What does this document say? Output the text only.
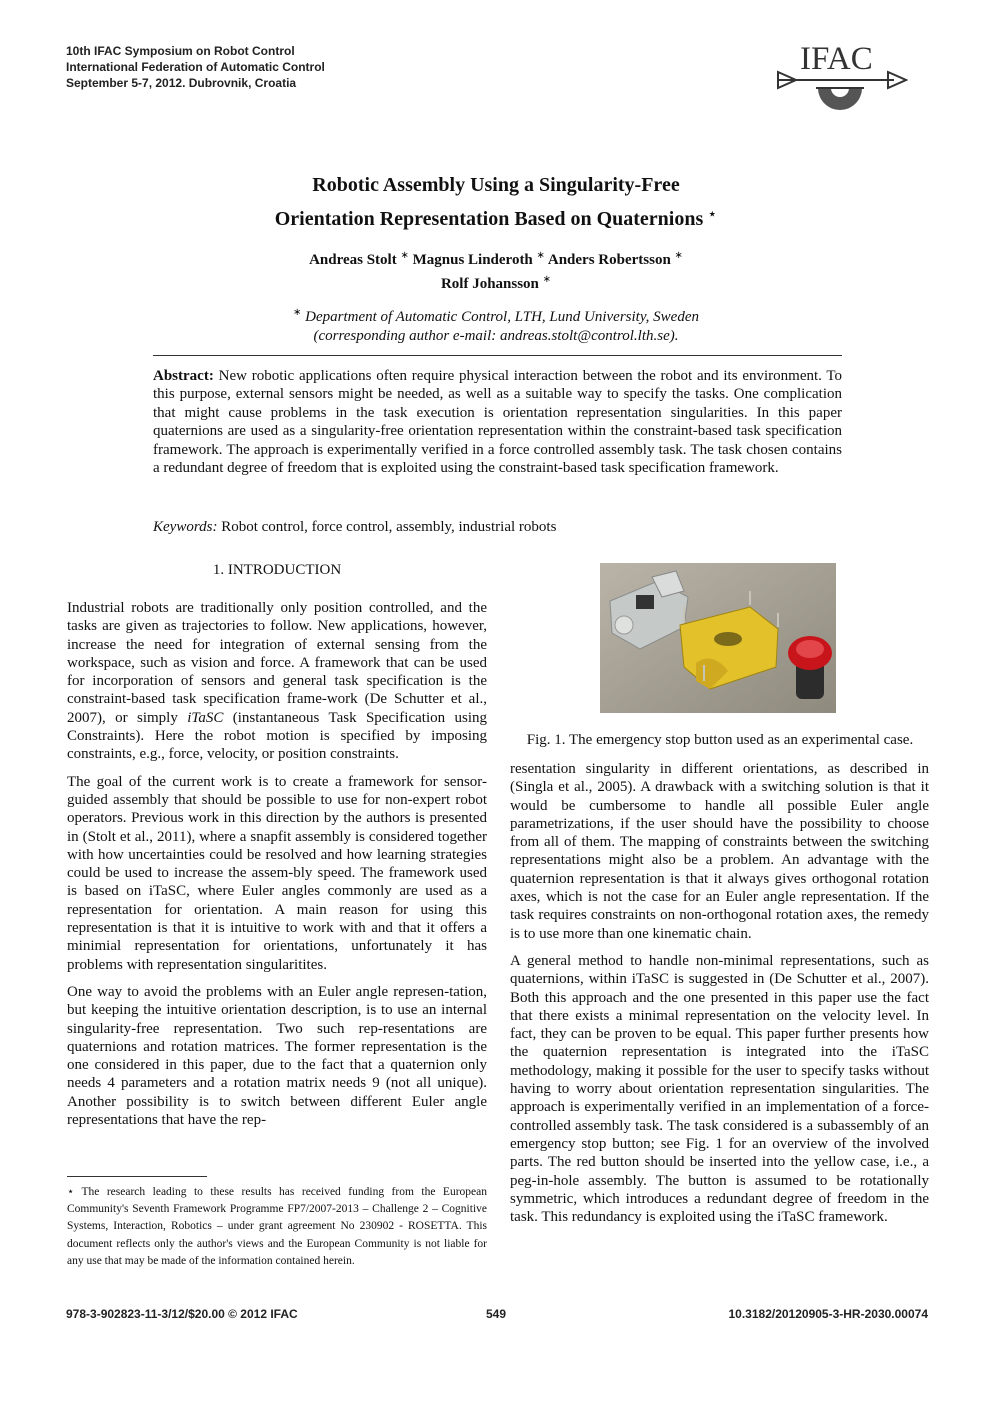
10th IFAC Symposium on Robot Control
International Federation of Automatic Control
September 5-7, 2012. Dubrovnik, Croatia
IFAC
Robotic Assembly Using a Singularity-Free
Orientation Representation Based on Quaternions ⋆
Andreas Stolt ∗ Magnus Linderoth ∗ Anders Robertsson ∗
Rolf Johansson ∗
∗ Department of Automatic Control, LTH, Lund University, Sweden
(corresponding author e-mail: andreas.stolt@control.lth.se).
Abstract: New robotic applications often require physical interaction between the robot and its environment. To this purpose, external sensors might be needed, as well as a suitable way to specify the tasks. One complication that might cause problems in the task execution is orientation representation singularities. In this paper quaternions are used as a singularity-free orientation representation within the constraint-based task specification framework. The approach is experimentally verified in a force controlled assembly task. The task chosen contains a redundant degree of freedom that is exploited using the constraint-based task specification framework.
Keywords: Robot control, force control, assembly, industrial robots
1. INTRODUCTION

Industrial robots are traditionally only position controlled, and the tasks are given as trajectories to follow. New applications, however, increase the need for integration of external sensing from the workspace, such as vision and force. A framework that can be used for incorporation of sensors and general task specification is the constraint-based task specification frame-work (De Schutter et al., 2007), or simply iTaSC (instantaneous Task Specification using Constraints). Here the robot motion is specified by imposing constraints, e.g., force, velocity, or position constraints.

The goal of the current work is to create a framework for sensor-guided assembly that should be possible to use for non-expert robot operators. Previous work in this direction by the authors is presented in (Stolt et al., 2011), where a snapfit assembly is considered together with how uncertainties could be resolved and how learning strategies could be used to increase the assem-bly speed. The framework used is based on iTaSC, where Euler angles commonly are used as a representation for orientation. A main reason for using this representation is that it is intuitive to work with and that it offers a minimial representation for orientations, unfortunately it has problems with representation singularitites.

One way to avoid the problems with an Euler angle represen-tation, but keeping the intuitive orientation description, is to use an internal singularity-free representation. Two such rep-resentations are quaternions and rotation matrices. The former representation is the one considered in this paper, due to the fact that a quaternion only needs 4 parameters and a rotation matrix needs 9 (not all unique). Another possibility is to switch between different Euler angle representations that have the rep-

Fig. 1. The emergency stop button used as an experimental case.

resentation singularity in different orientations, as described in (Singla et al., 2005). A drawback with a switching solution is that it would be cumbersome to handle all possible Euler angle parametrizations, if the user should have the possibility to choose from all of them. The mapping of constraints between the switching representations might also be a problem. An advantage with the quaternion representation is that it always gives orthogonal rotation axes, which is not the case for an Euler angle representation. If the task requires constraints on non-orthogonal rotation axes, the remedy is to use more than one kinematic chain.

A general method to handle non-minimal representations, such as quaternions, within iTaSC is suggested in (De Schutter et al., 2007). Both this approach and the one presented in this paper use the fact that there exists a minimal representation on the velocity level. In fact, they can be proven to be equal. This paper further presents how the quaternion representation is integrated into the iTaSC methodology, making it possible for the user to specify tasks without having to worry about orientation representation singularities. The approach is experimentally verified in an implementation of a force-controlled assembly task. The task considered is a subassembly of an emergency stop button; see Fig. 1 for an overview of the involved parts. The red button should be inserted into the yellow case, i.e., a peg-in-hole assembly. The button is assumed to be rotationally symmetric, which introduces a redundant degree of freedom in the task. This redundancy is exploited using the iTaSC framework.

⋆ The research leading to these results has received funding from the European Community's Seventh Framework Programme FP7/2007-2013 – Challenge 2 – Cognitive Systems, Interaction, Robotics – under grant agreement No 230902 - ROSETTA. This document reflects only the author's views and the European Community is not liable for any use that may be made of the information contained herein.
978-3-902823-11-3/12/$20.00 © 2012 IFAC	549	10.3182/20120905-3-HR-2030.00074
